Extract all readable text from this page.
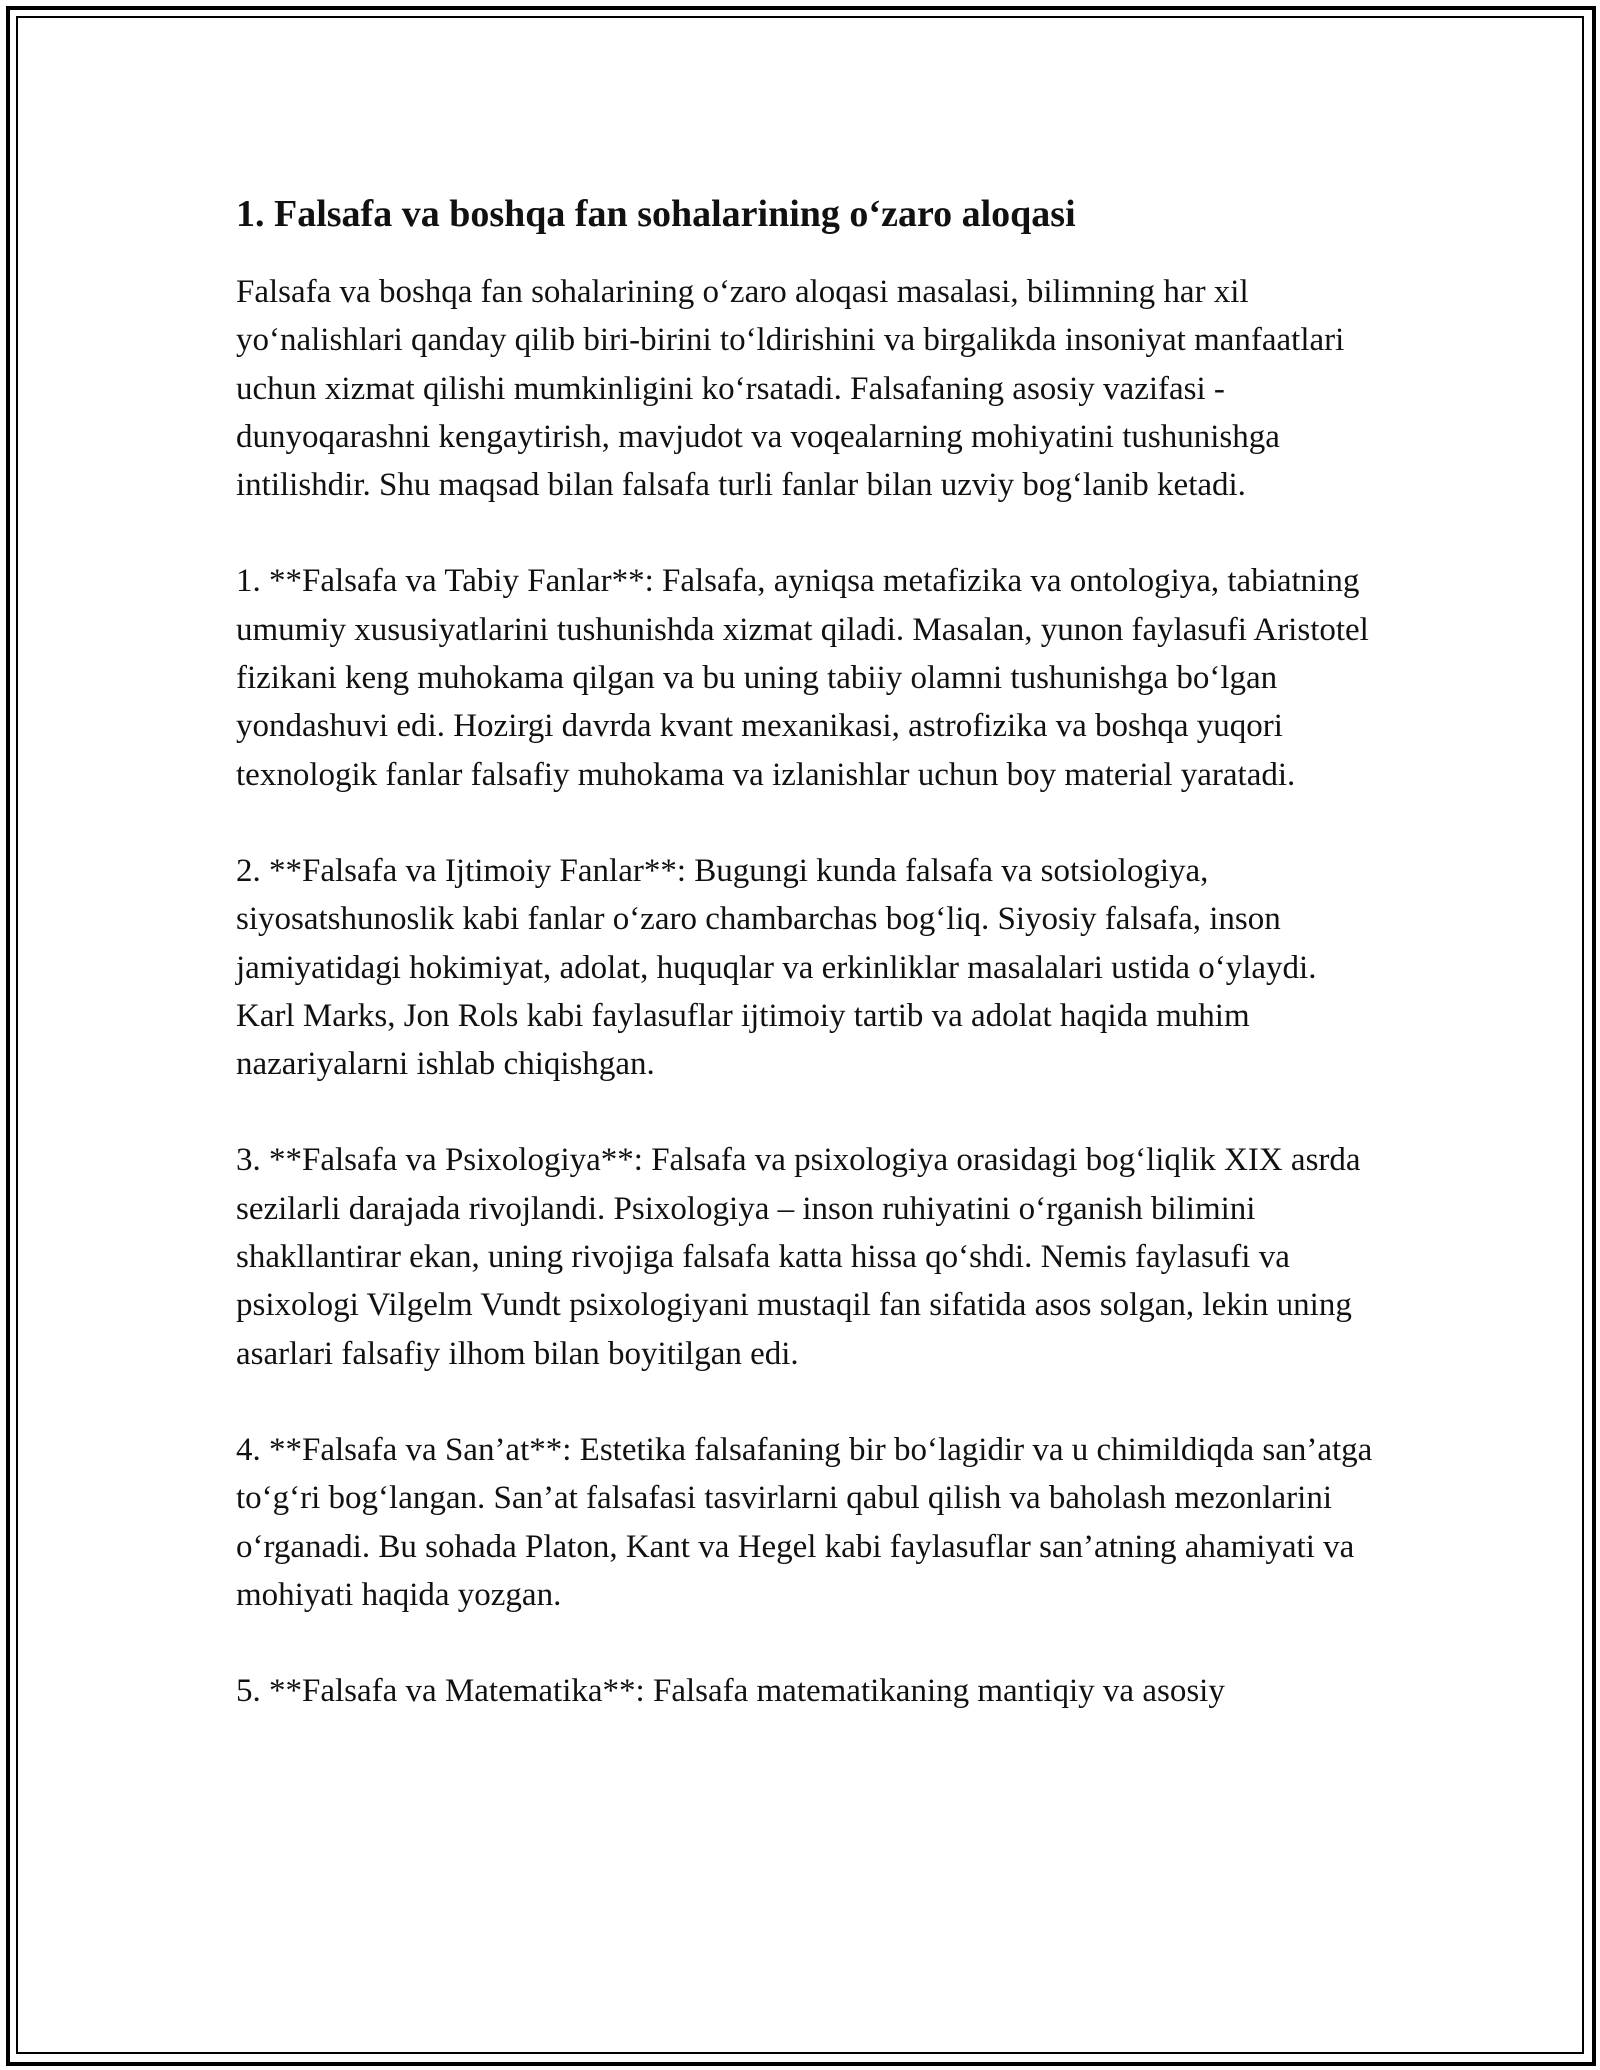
1. Falsafa va boshqa fan sohalarining o‘zaro aloqasi

Falsafa va boshqa fan sohalarining o‘zaro aloqasi masalasi, bilimning har xil yo‘nalishlari qanday qilib biri-birini to‘ldirishini va birgalikda insoniyat manfaatlari uchun xizmat qilishi mumkinligini ko‘rsatadi. Falsafaning asosiy vazifasi - dunyoqarashni kengaytirish, mavjudot va voqealarning mohiyatini tushunishga intilishdir. Shu maqsad bilan falsafa turli fanlar bilan uzviy bog‘lanib ketadi.

1. **Falsafa va Tabiy Fanlar**: Falsafa, ayniqsa metafizika va ontologiya, tabiatning umumiy xususiyatlarini tushunishda xizmat qiladi. Masalan, yunon faylasufi Aristotel fizikani keng muhokama qilgan va bu uning tabiiy olamni tushunishga bo‘lgan yondashuvi edi. Hozirgi davrda kvant mexanikasi, astrofizika va boshqa yuqori texnologik fanlar falsafiy muhokama va izlanishlar uchun boy material yaratadi.

2. **Falsafa va Ijtimoiy Fanlar**: Bugungi kunda falsafa va sotsiologiya, siyosatshunoslik kabi fanlar o‘zaro chambarchas bog‘liq. Siyosiy falsafa, inson jamiyatidagi hokimiyat, adolat, huquqlar va erkinliklar masalalari ustida o‘ylaydi. Karl Marks, Jon Rols kabi faylasuflar ijtimoiy tartib va adolat haqida muhim nazariyalarni ishlab chiqishgan.

3. **Falsafa va Psixologiya**: Falsafa va psixologiya orasidagi bog‘liqlik XIX asrda sezilarli darajada rivojlandi. Psixologiya – inson ruhiyatini o‘rganish bilimini shakllantirar ekan, uning rivojiga falsafa katta hissa qo‘shdi. Nemis faylasufi va psixologi Vilgelm Vundt psixologiyani mustaqil fan sifatida asos solgan, lekin uning asarlari falsafiy ilhom bilan boyitilgan edi.

4. **Falsafa va San’at**: Estetika falsafaning bir bo‘lagidir va u chimildiqda san’atga to‘g‘ri bog‘langan. San’at falsafasi tasvirlarni qabul qilish va baholash mezonlarini o‘rganadi. Bu sohada Platon, Kant va Hegel kabi faylasuflar san’atning ahamiyati va mohiyati haqida yozgan.

5. **Falsafa va Matematika**: Falsafa matematikaning mantiqiy va asosiy
